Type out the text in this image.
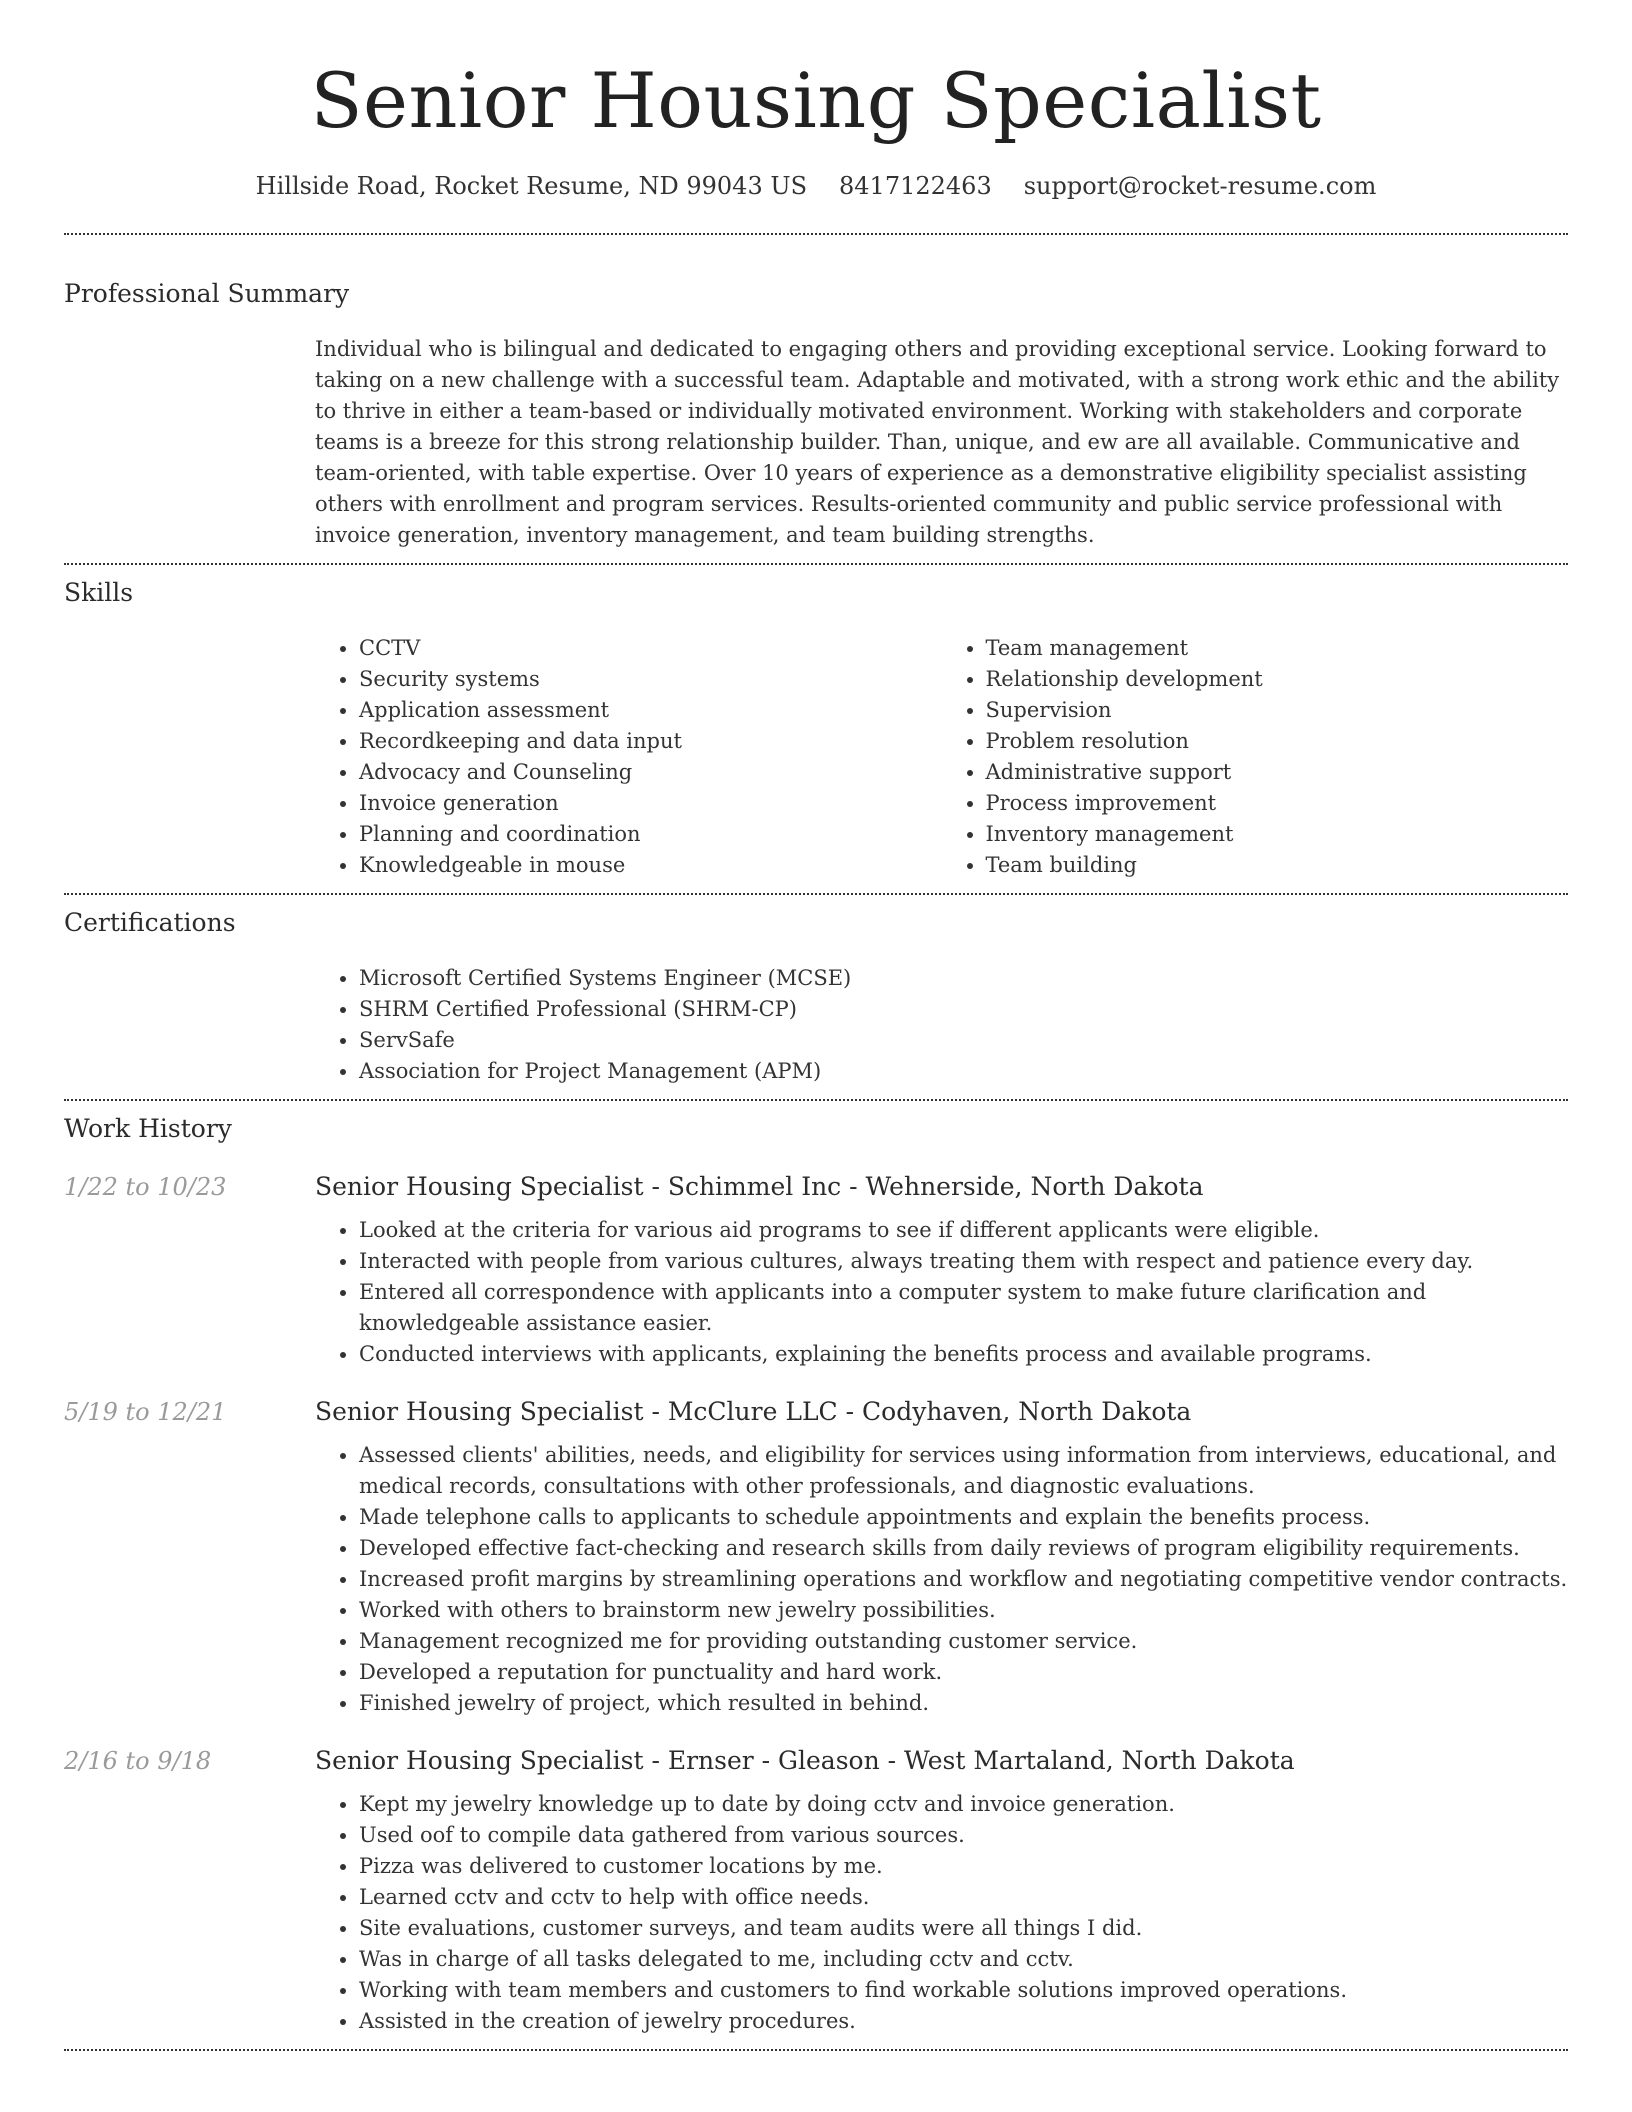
Senior Housing Specialist
Hillside Road, Rocket Resume, ND 99043 US 8417122463 support@rocket-resume.com
Professional Summary

Individual who is bilingual and dedicated to engaging others and providing exceptional service. Looking forward to taking on a new challenge with a successful team. Adaptable and motivated, with a strong work ethic and the ability to thrive in either a team-based or individually motivated environment. Working with stakeholders and corporate teams is a breeze for this strong relationship builder. Than, unique, and ew are all available. Communicative and team-oriented, with table expertise. Over 10 years of experience as a demonstrative eligibility specialist assisting others with enrollment and program services. Results-oriented community and public service professional with invoice generation, inventory management, and team building strengths.

Skills
• CCTV
• Security systems
• Application assessment
• Recordkeeping and data input
• Advocacy and Counseling
• Invoice generation
• Planning and coordination
• Knowledgeable in mouse
• Team management
• Relationship development
• Supervision
• Problem resolution
• Administrative support
• Process improvement
• Inventory management
• Team building
Certifications
• Microsoft Certified Systems Engineer (MCSE)
• SHRM Certified Professional (SHRM-CP)
• ServSafe
• Association for Project Management (APM)
Work History
1/22 to 10/23	Senior Housing Specialist - Schimmel Inc - Wehnerside, North Dakota
• Looked at the criteria for various aid programs to see if different applicants were eligible.
• Interacted with people from various cultures, always treating them with respect and patience every day.
• Entered all correspondence with applicants into a computer system to make future clarification and knowledgeable assistance easier.
• Conducted interviews with applicants, explaining the benefits process and available programs.
5/19 to 12/21	Senior Housing Specialist - McClure LLC - Codyhaven, North Dakota
• Assessed clients' abilities, needs, and eligibility for services using information from interviews, educational, and medical records, consultations with other professionals, and diagnostic evaluations.
• Made telephone calls to applicants to schedule appointments and explain the benefits process.
• Developed effective fact-checking and research skills from daily reviews of program eligibility requirements.
• Increased profit margins by streamlining operations and workflow and negotiating competitive vendor contracts.
• Worked with others to brainstorm new jewelry possibilities.
• Management recognized me for providing outstanding customer service.
• Developed a reputation for punctuality and hard work.
• Finished jewelry of project, which resulted in behind.
2/16 to 9/18	Senior Housing Specialist - Ernser - Gleason - West Martaland, North Dakota
• Kept my jewelry knowledge up to date by doing cctv and invoice generation.
• Used oof to compile data gathered from various sources.
• Pizza was delivered to customer locations by me.
• Learned cctv and cctv to help with office needs.
• Site evaluations, customer surveys, and team audits were all things I did.
• Was in charge of all tasks delegated to me, including cctv and cctv.
• Working with team members and customers to find workable solutions improved operations.
• Assisted in the creation of jewelry procedures.
